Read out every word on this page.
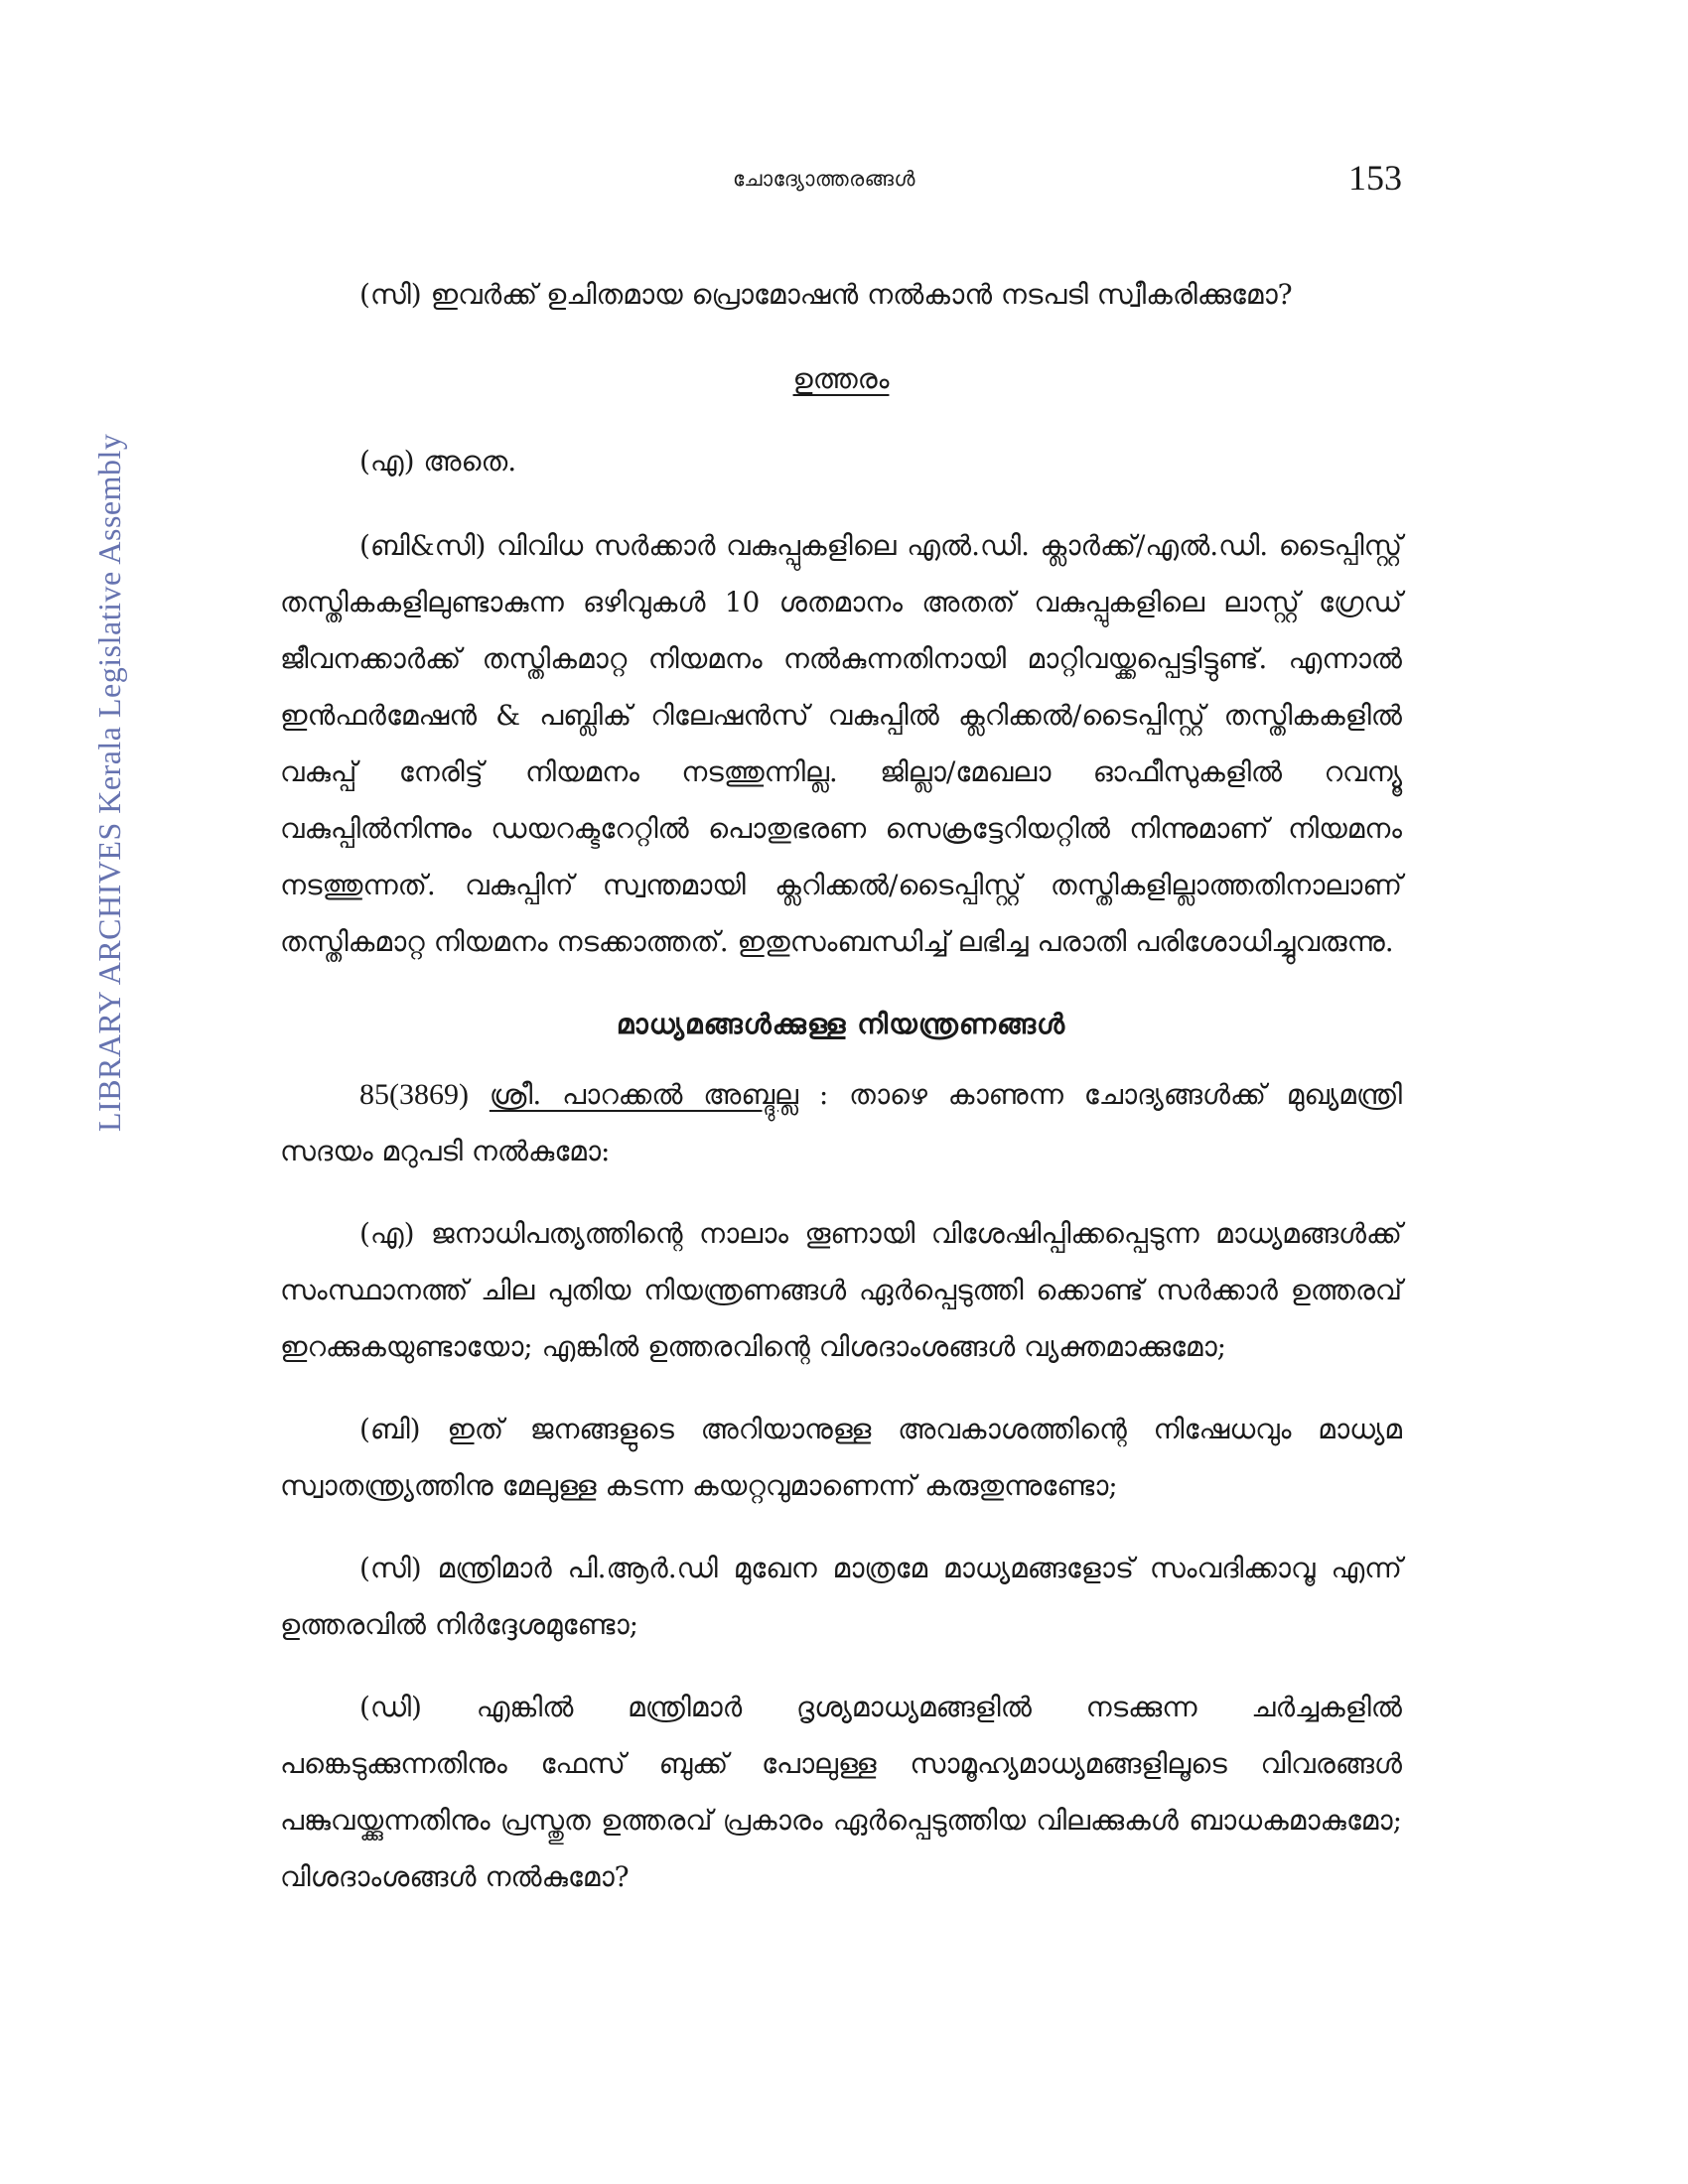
ചോദ്യോത്തരങ്ങൾ	153
LIBRARY ARCHIVES Kerala Legislative Assembly

(സി) ഇവർക്ക് ഉചിതമായ പ്രൊമോഷൻ നൽകാൻ നടപടി സ്വീകരിക്കുമോ?

ഉത്തരം

(എ) അതെ.

(ബി&സി) വിവിധ സർക്കാർ വകുപ്പുകളിലെ എൽ.ഡി. ക്ലാർക്ക്/എൽ.ഡി. ടൈപ്പിസ്റ്റ് തസ്തികകളിലുണ്ടാകുന്ന ഒഴിവുകൾ 10 ശതമാനം അതത് വകുപ്പുകളിലെ ലാസ്റ്റ് ഗ്രേഡ് ജീവനക്കാർക്ക് തസ്തികമാറ്റ നിയമനം നൽകുന്നതിനായി മാറ്റിവയ്ക്കപ്പെട്ടിട്ടുണ്ട്. എന്നാൽ ഇൻഫർമേഷൻ & പബ്ലിക് റിലേഷൻസ് വകുപ്പിൽ ക്ലറിക്കൽ/ടൈപ്പിസ്റ്റ് തസ്തികകളിൽ വകുപ്പ് നേരിട്ട് നിയമനം നടത്തുന്നില്ല. ജില്ലാ/മേഖലാ ഓഫീസുകളിൽ റവന്യൂ വകുപ്പിൽനിന്നും ഡയറക്ടറേറ്റിൽ പൊതുഭരണ സെക്രട്ടേറിയറ്റിൽ നിന്നുമാണ് നിയമനം നടത്തുന്നത്. വകുപ്പിന് സ്വന്തമായി ക്ലറിക്കൽ/ടൈപ്പിസ്റ്റ് തസ്തികളില്ലാത്തതിനാലാണ് തസ്തികമാറ്റ നിയമനം നടക്കാത്തത്. ഇതുസംബന്ധിച്ച് ലഭിച്ച പരാതി പരിശോധിച്ചുവരുന്നു.

മാധ്യമങ്ങൾക്കുള്ള നിയന്ത്രണങ്ങൾ

85(3869) ശ്രീ. പാറക്കൽ അബ്ദുല്ല : താഴെ കാണുന്ന ചോദ്യങ്ങൾക്ക് മുഖ്യമന്ത്രി സദയം മറുപടി നൽകുമോ:

(എ) ജനാധിപത്യത്തിന്റെ നാലാം തൂണായി വിശേഷിപ്പിക്കപ്പെടുന്ന മാധ്യമങ്ങൾക്ക് സംസ്ഥാനത്ത് ചില പുതിയ നിയന്ത്രണങ്ങൾ ഏർപ്പെടുത്തി ക്കൊണ്ട് സർക്കാർ ഉത്തരവ് ഇറക്കുകയുണ്ടായോ; എങ്കിൽ ഉത്തരവിന്റെ വിശദാംശങ്ങൾ വ്യക്തമാക്കുമോ;

(ബി) ഇത് ജനങ്ങളുടെ അറിയാനുള്ള അവകാശത്തിന്റെ നിഷേധവും മാധ്യമ സ്വാതന്ത്ര്യത്തിനു മേലുള്ള കടന്ന കയറ്റവുമാണെന്ന് കരുതുന്നുണ്ടോ;

(സി) മന്ത്രിമാർ പി.ആർ.ഡി മുഖേന മാത്രമേ മാധ്യമങ്ങളോട് സംവദിക്കാവൂ എന്ന് ഉത്തരവിൽ നിർദ്ദേശമുണ്ടോ;

(ഡി) എങ്കിൽ മന്ത്രിമാർ ദൃശ്യമാധ്യമങ്ങളിൽ നടക്കുന്ന ചർച്ചകളിൽ പങ്കെടുക്കുന്നതിനും ഫേസ് ബുക്ക് പോലുള്ള സാമൂഹ്യമാധ്യമങ്ങളിലൂടെ വിവരങ്ങൾ പങ്കുവയ്ക്കുന്നതിനും പ്രസ്തുത ഉത്തരവ് പ്രകാരം ഏർപ്പെടുത്തിയ വിലക്കുകൾ ബാധകമാകുമോ; വിശദാംശങ്ങൾ നൽകുമോ?
